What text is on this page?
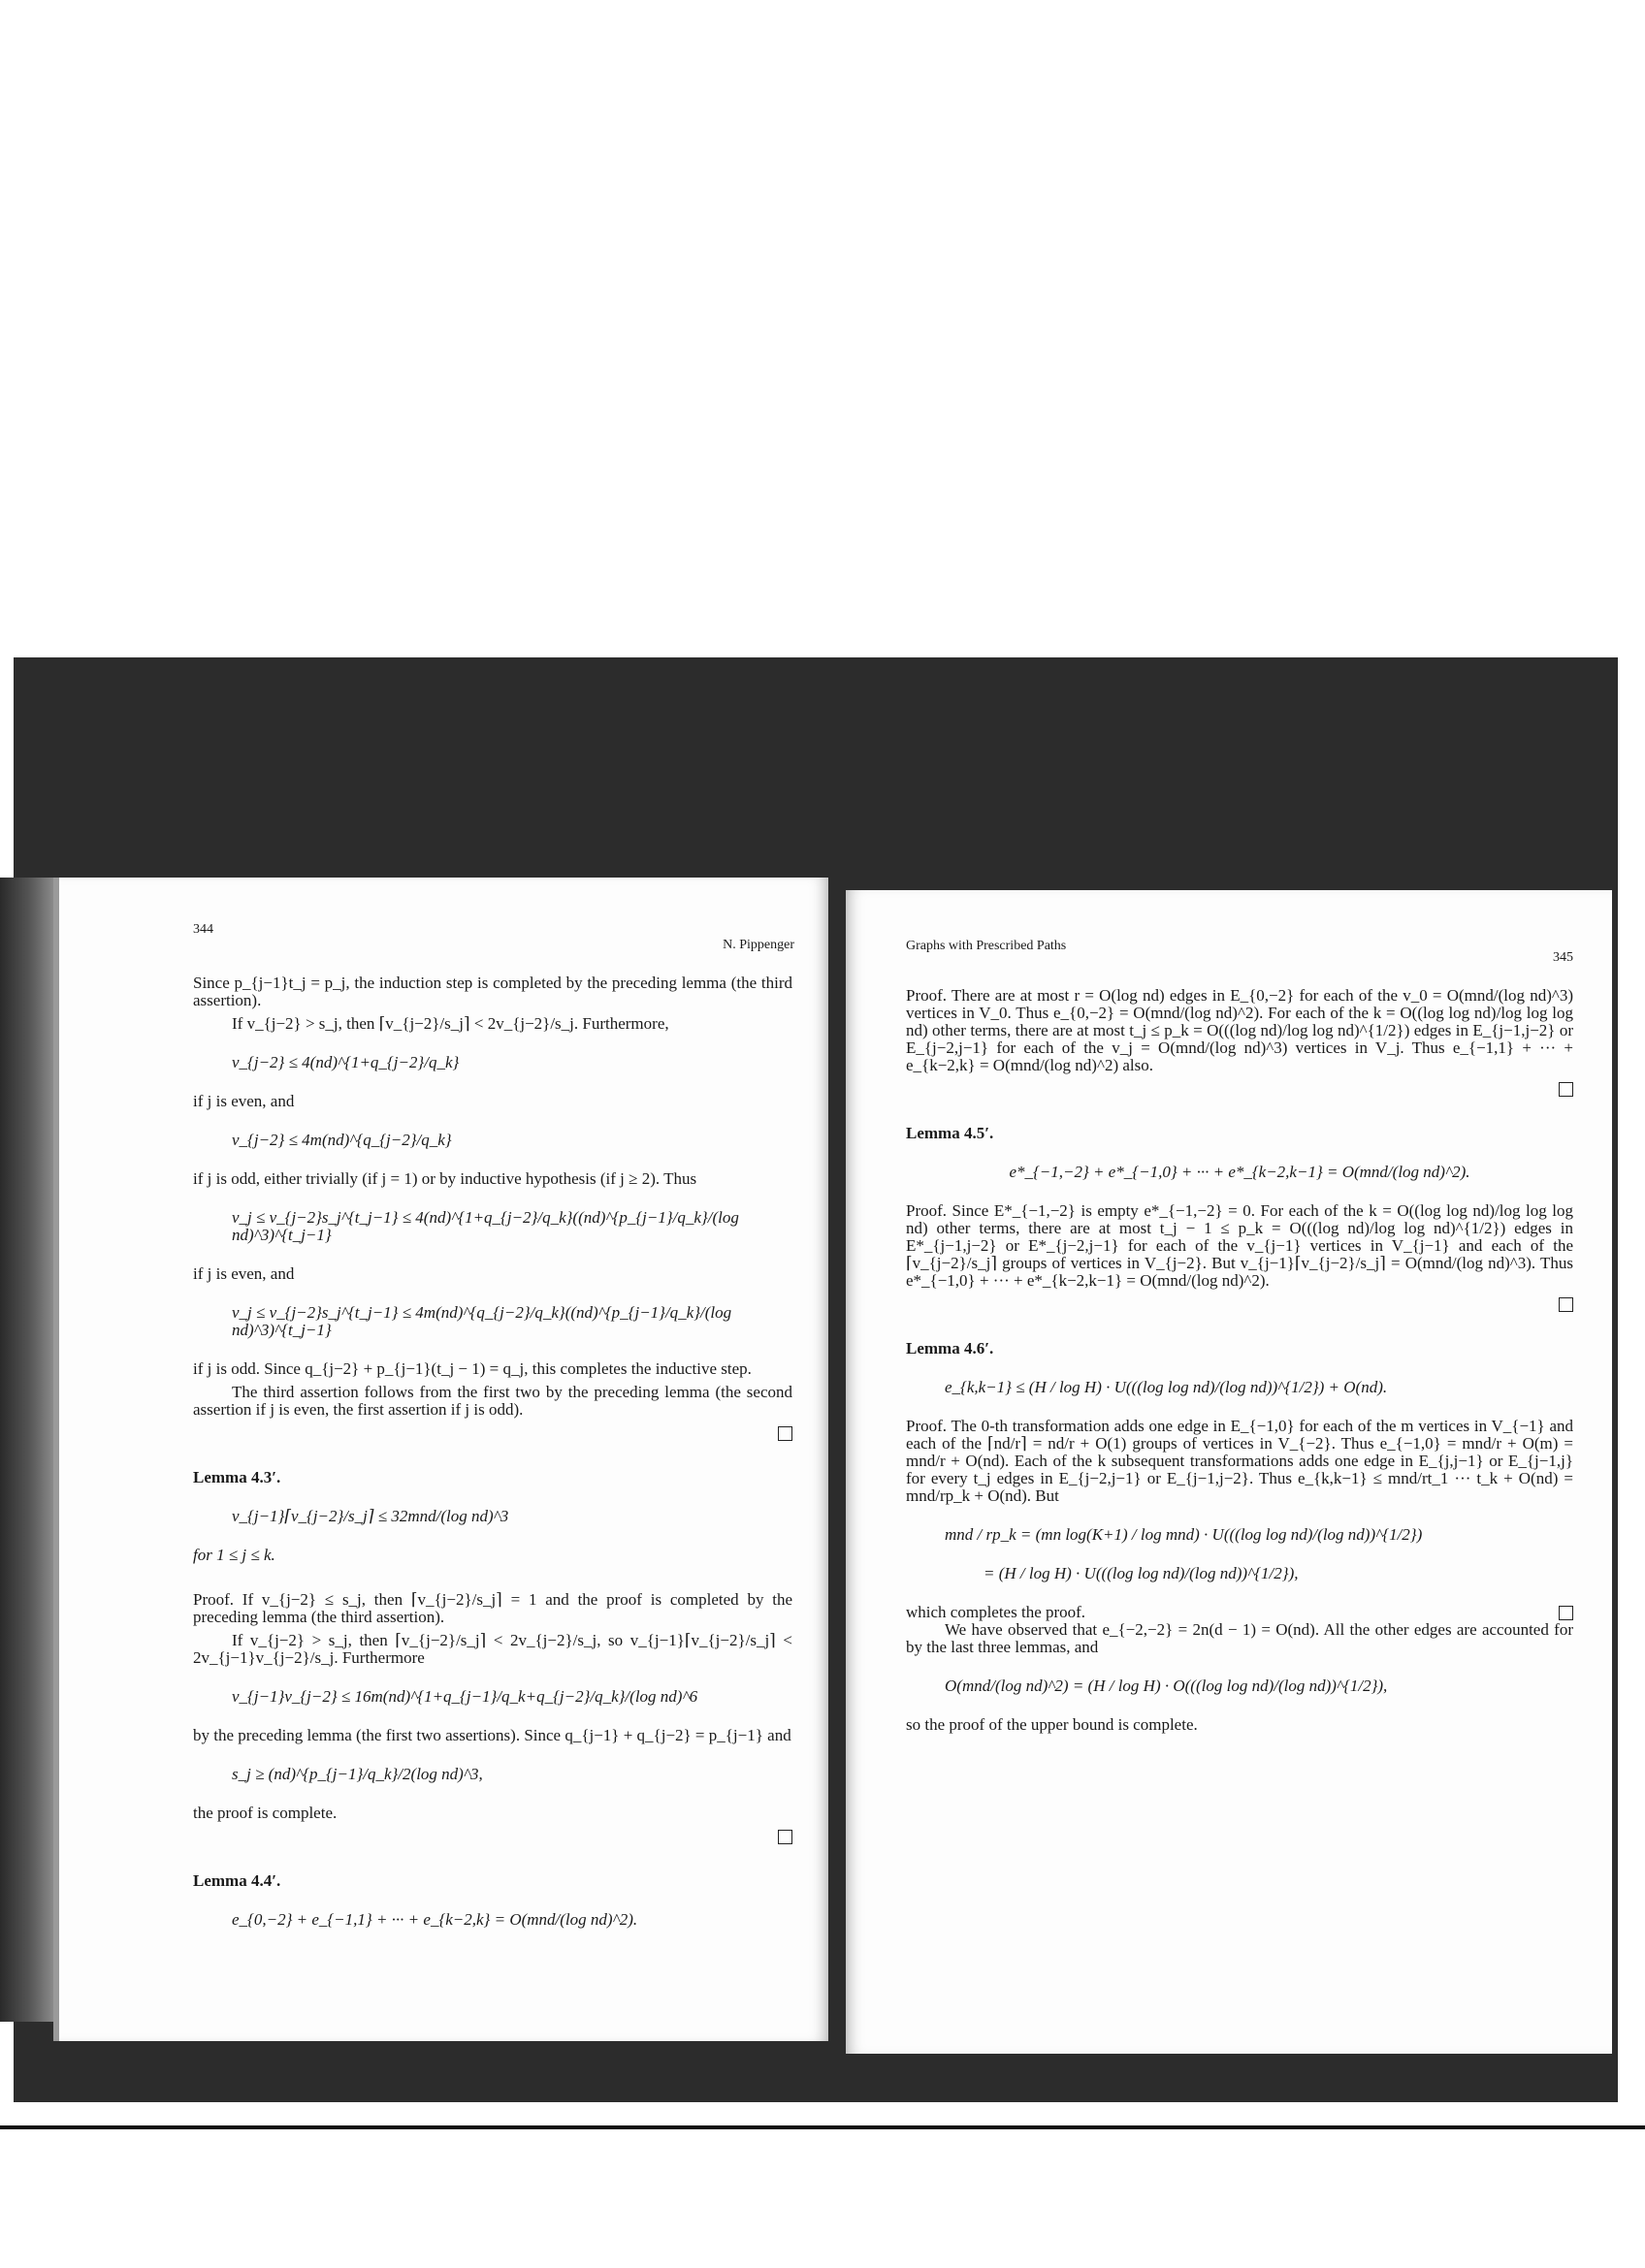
344
N. Pippenger

Since p_{j−1}t_j = p_j, the induction step is completed by the preceding lemma (the third assertion).

If v_{j−2} > s_j, then ⌈v_{j−2}/s_j⌉ < 2v_{j−2}/s_j. Furthermore,

v_{j−2} ≤ 4(nd)^{1+q_{j−2}/q_k}

if j is even, and

v_{j−2} ≤ 4m(nd)^{q_{j−2}/q_k}

if j is odd, either trivially (if j = 1) or by inductive hypothesis (if j ≥ 2). Thus

v_j ≤ v_{j−2}s_j^{t_j−1} ≤ 4(nd)^{1+q_{j−2}/q_k}((nd)^{p_{j−1}/q_k}/(log nd)^3)^{t_j−1}

if j is even, and

v_j ≤ v_{j−2}s_j^{t_j−1} ≤ 4m(nd)^{q_{j−2}/q_k}((nd)^{p_{j−1}/q_k}/(log nd)^3)^{t_j−1}

if j is odd. Since q_{j−2} + p_{j−1}(t_j − 1) = q_j, this completes the inductive step.

The third assertion follows from the first two by the preceding lemma (the second assertion if j is even, the first assertion if j is odd).

Lemma 4.3′.
v_{j−1}⌈v_{j−2}/s_j⌉ ≤ 32mnd/(log nd)^3

for 1 ≤ j ≤ k.

Proof. If v_{j−2} ≤ s_j, then ⌈v_{j−2}/s_j⌉ = 1 and the proof is completed by the preceding lemma (the third assertion).

If v_{j−2} > s_j, then ⌈v_{j−2}/s_j⌉ < 2v_{j−2}/s_j, so v_{j−1}⌈v_{j−2}/s_j⌉ < 2v_{j−1}v_{j−2}/s_j. Furthermore

v_{j−1}v_{j−2} ≤ 16m(nd)^{1+q_{j−1}/q_k+q_{j−2}/q_k}/(log nd)^6

by the preceding lemma (the first two assertions). Since q_{j−1} + q_{j−2} = p_{j−1} and

s_j ≥ (nd)^{p_{j−1}/q_k}/2(log nd)^3,

the proof is complete.

Lemma 4.4′.
e_{0,−2} + e_{−1,1} + ··· + e_{k−2,k} = O(mnd/(log nd)^2).
Graphs with Prescribed Paths
345

Proof. There are at most r = O(log nd) edges in E_{0,−2} for each of the v_0 = O(mnd/(log nd)^3) vertices in V_0. Thus e_{0,−2} = O(mnd/(log nd)^2). For each of the k = O((log log nd)/log log log nd) other terms, there are at most t_j ≤ p_k = O(((log nd)/log log nd)^{1/2}) edges in E_{j−1,j−2} or E_{j−2,j−1} for each of the v_j = O(mnd/(log nd)^3) vertices in V_j. Thus e_{−1,1} + ··· + e_{k−2,k} = O(mnd/(log nd)^2) also.

Lemma 4.5′.
e*_{−1,−2} + e*_{−1,0} + ··· + e*_{k−2,k−1} = O(mnd/(log nd)^2).

Proof. Since E*_{−1,−2} is empty e*_{−1,−2} = 0. For each of the k = O((log log nd)/log log log nd) other terms, there are at most t_j − 1 ≤ p_k = O(((log nd)/log log nd)^{1/2}) edges in E*_{j−1,j−2} or E*_{j−2,j−1} for each of the v_{j−1} vertices in V_{j−1} and each of the ⌈v_{j−2}/s_j⌉ groups of vertices in V_{j−2}. But v_{j−1}⌈v_{j−2}/s_j⌉ = O(mnd/(log nd)^3). Thus e*_{−1,0} + ··· + e*_{k−2,k−1} = O(mnd/(log nd)^2).

Lemma 4.6′.
e_{k,k−1} ≤ (H / log H) · U(((log log nd)/(log nd))^{1/2}) + O(nd).

Proof. The 0-th transformation adds one edge in E_{−1,0} for each of the m vertices in V_{−1} and each of the ⌈nd/r⌉ = nd/r + O(1) groups of vertices in V_{−2}. Thus e_{−1,0} = mnd/r + O(m) = mnd/r + O(nd). Each of the k subsequent transformations adds one edge in E_{j,j−1} or E_{j−1,j} for every t_j edges in E_{j−2,j−1} or E_{j−1,j−2}. Thus e_{k,k−1} ≤ mnd/rt_1 ··· t_k + O(nd) = mnd/rp_k + O(nd). But

mnd / rp_k = (mn log(K+1) / log mnd) · U(((log log nd)/(log nd))^{1/2})
= (H / log H) · U(((log log nd)/(log nd))^{1/2}),

which completes the proof.

We have observed that e_{−2,−2} = 2n(d − 1) = O(nd). All the other edges are accounted for by the last three lemmas, and

O(mnd/(log nd)^2) = (H / log H) · O(((log log nd)/(log nd))^{1/2}),

so the proof of the upper bound is complete.
